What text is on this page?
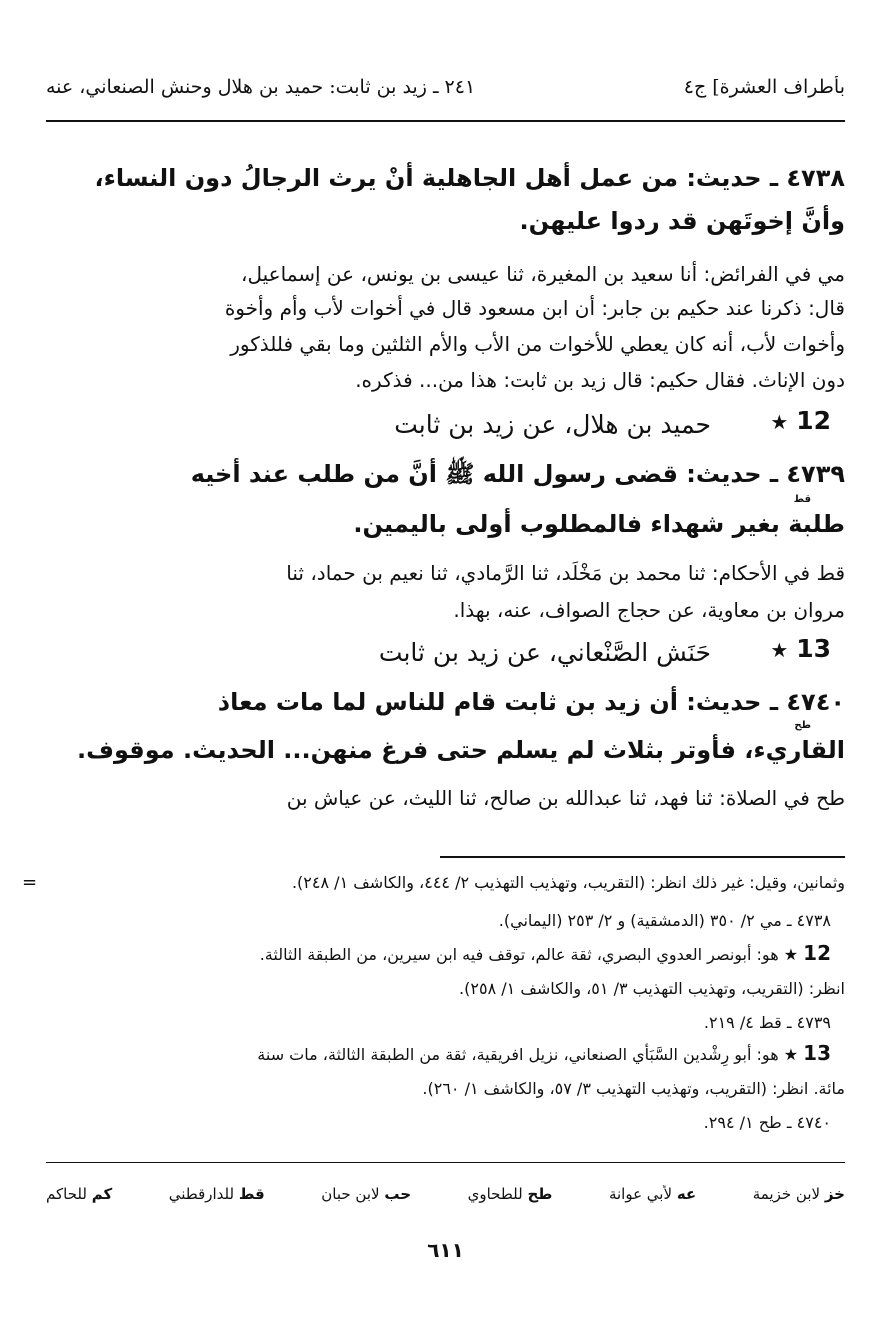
بأطراف العشرة] ج٤
٢٤١ ـ زيد بن ثابت: حميد بن هلال وحنش الصنعاني، عنه
٤٧٣٨ ـ حديث: من عمل أهل الجاهلية أنْ يرث الرجالُ دون النساء،
وأنَّ إخوتَهن قد ردوا عليهن.
مي في الفرائض: أنا سعيد بن المغيرة، ثنا عيسى بن يونس، عن إسماعيل،
قال: ذكرنا عند حكيم بن جابر: أن ابن مسعود قال في أخوات لأب وأم وأخوة
وأخوات لأب، أنه كان يعطي للأخوات من الأب والأم الثلثين وما بقي فللذكور
دون الإناث. فقال حكيم: قال زيد بن ثابت: هذا من... فذكره.
12 ★
حميد بن هلال، عن زيد بن ثابت
٤٧٣٩ ـ حديث: قضى رسول الله ﷺ أنَّ من طلب عند أخيه
قط
طلبة بغير شهداء فالمطلوب أولى باليمين.
قط في الأحكام: ثنا محمد بن مَخْلَد، ثنا الرَّمادي، ثنا نعيم بن حماد، ثنا
مروان بن معاوية، عن حجاج الصواف، عنه، بهذا.
13 ★
حَنَش الصَّنْعاني، عن زيد بن ثابت
٤٧٤٠ ـ حديث: أن زيد بن ثابت قام للناس لما مات معاذ
طح
القاريء، فأوتر بثلاث لم يسلم حتى فرغ منهن... الحديث. موقوف.
طح في الصلاة: ثنا فهد، ثنا عبدالله بن صالح، ثنا الليث، عن عياش بن
=	وثمانين، وقيل: غير ذلك انظر: (التقريب، وتهذيب التهذيب ٢/ ٤٤٤، والكاشف ١/ ٢٤٨).
٤٧٣٨ ـ مي ٢/ ٣٥٠ (الدمشقية) و ٢/ ٢٥٣ (اليماني).
12 ★ هو: أبونصر العدوي البصري، ثقة عالم، توقف فيه ابن سيرين، من الطبقة الثالثة.
انظر: (التقريب، وتهذيب التهذيب ٣/ ٥١، والكاشف ١/ ٢٥٨).
٤٧٣٩ ـ قط ٤/ ٢١٩.
13 ★ هو: أبو رِشْدين السَّبَأي الصنعاني، نزيل افريقية، ثقة من الطبقة الثالثة، مات سنة
مائة. انظر: (التقريب، وتهذيب التهذيب ٣/ ٥٧، والكاشف ١/ ٢٦٠).
٤٧٤٠ ـ طح ١/ ٢٩٤.
خز لابن خزيمة
عه لأبي عوانة
طح للطحاوي
حب لابن حبان
قط للدارقطني
كم للحاكم
٦١١
